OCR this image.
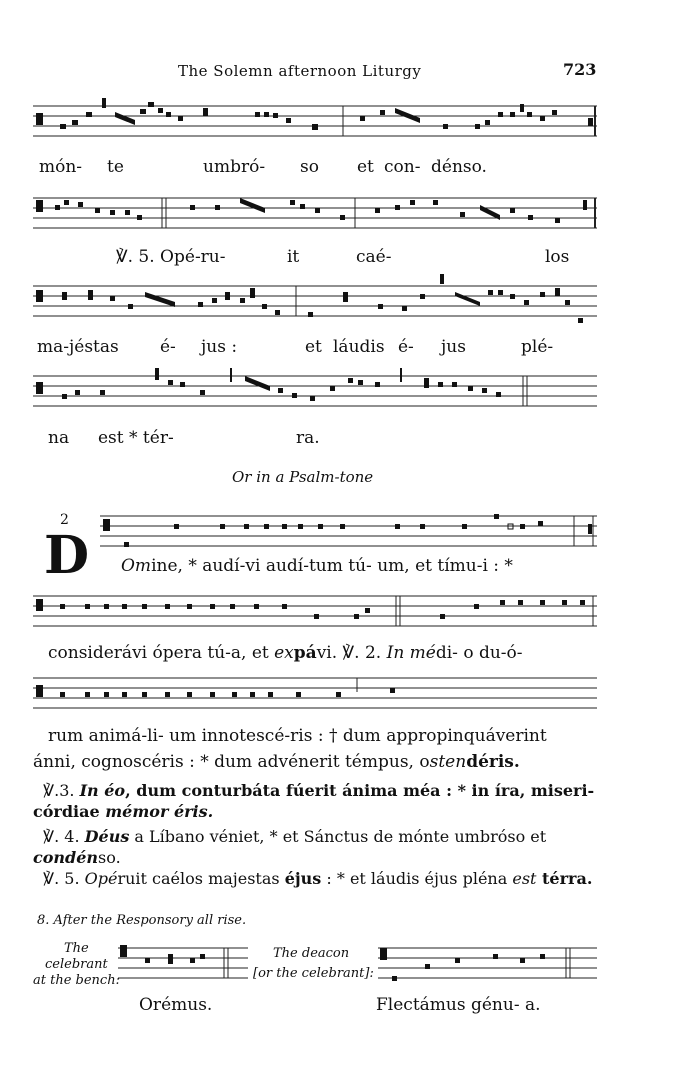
The Solemn afternoon Liturgy	723
món- te	umbró- so et con- dénso.
℣. 5. Opé-ru-	it	caé-	los
ma-jéstas é- jus :	et láudis é- jus	plé-
na est * tér-	ra.
Or in a Psalm-tone
2
D Omine, * audí-vi audí-tum tú- um, et tímu-i : *
considerávi ópera tú-a, et expávi. ℣. 2. In médi- o du-ó-
rum animá-li- um innotescé-ris : † dum appropinquáverint
ánni, cognoscéris : * dum advénerit témpus, ostendéris.
℣.3. In éo, dum conturbáta fúerit ánima méa : * in íra, miseri-córdiae mémor éris.
℣. 4. Déus a Líbano véniet, * et Sánctus de mónte umbróso et condénso.
℣. 5. Opéruit caélos majestas éjus : * et láudis éjus pléna est térra.
8. After the Responsory all rise.
The
celebrant
at the bench:
The deacon
[or the celebrant]:
Orémus.	Flectámus génu- a.
